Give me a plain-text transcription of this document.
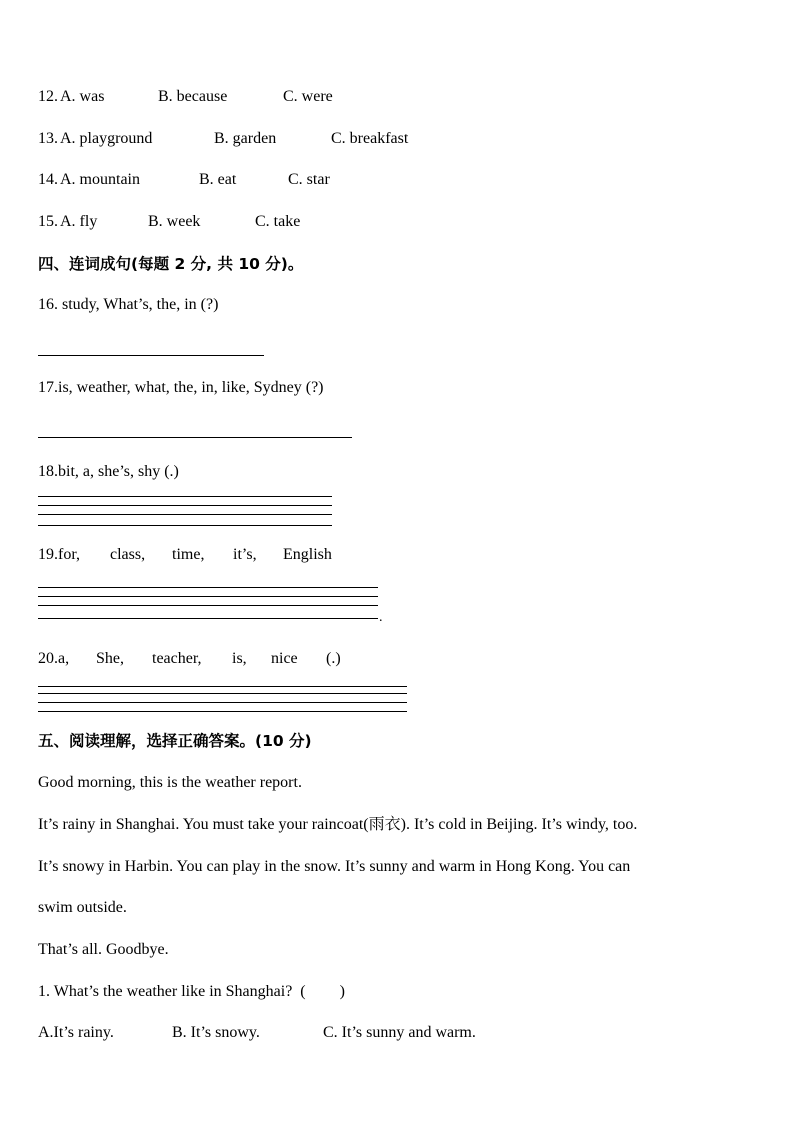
12. A. was	B. because	C. were
13. A. playground	B. garden	C. breakfast
14. A. mountain	B. eat	C. star
15. A. fly	B. week	C. take
四、连词成句(每题 2 分, 共 10 分)。
16. study, What’s, the, in (?)
17.is, weather, what, the, in, like, Sydney (?)
18.bit, a, she’s, shy (.)
19.for, class, time, it’s, English
.
20.a, She, teacher, is, nice (.)
五、阅读理解，选择正确答案。(10 分)
Good morning, this is the weather report.
It’s rainy in Shanghai. You must take your raincoat(雨衣). It’s cold in Beijing. It’s windy, too.
It’s snowy in Harbin. You can play in the snow. It’s sunny and warm in Hong Kong. You can
swim outside.
That’s all. Goodbye.
1. What’s the weather like in Shanghai? ( )
A.It’s rainy.	B. It’s snowy.	C. It’s sunny and warm.
